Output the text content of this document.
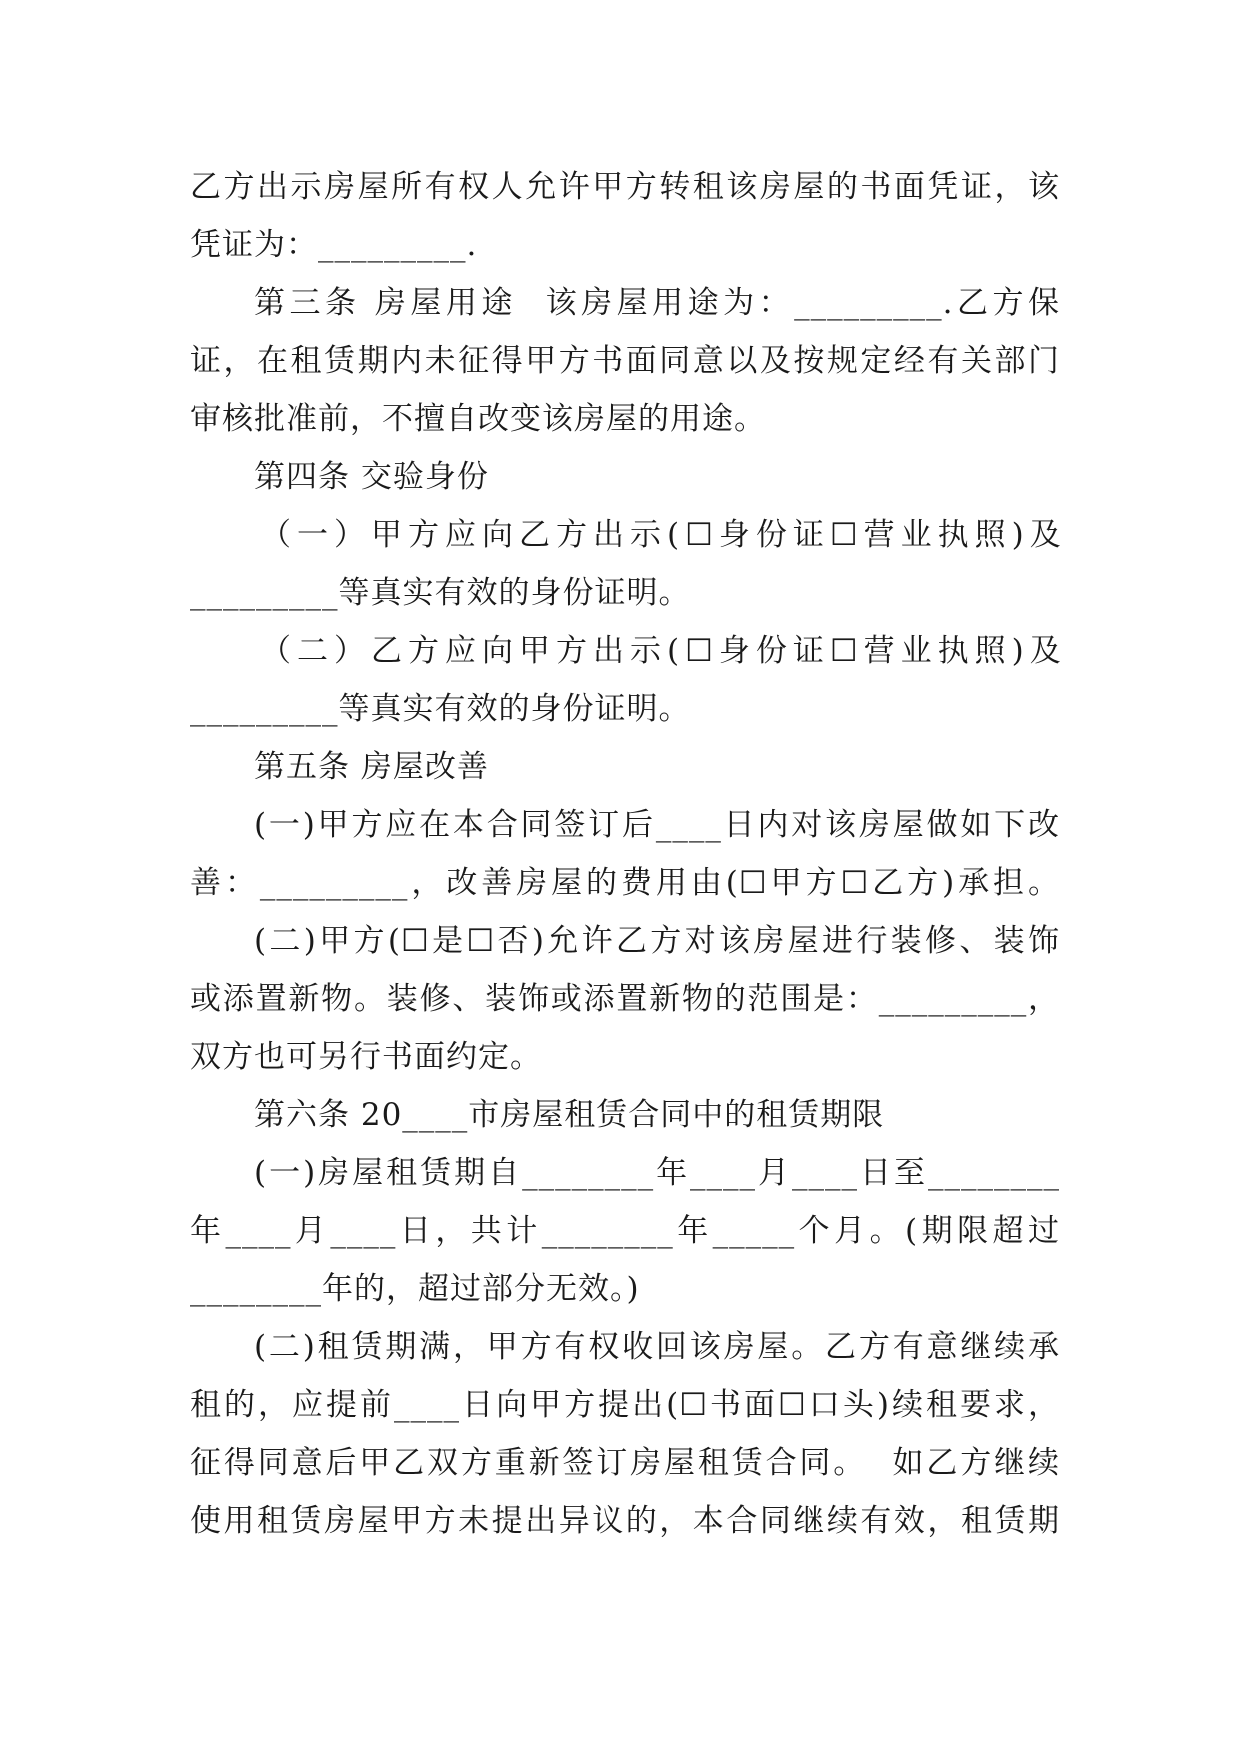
乙方出示房屋所有权人允许甲方转租该房屋的书面凭证，该
凭证为：_________.
第三条 房屋用途  该房屋用途为：_________.乙方保
证，在租赁期内未征得甲方书面同意以及按规定经有关部门
审核批准前，不擅自改变该房屋的用途。
第四条 交验身份
（一）甲方应向乙方出示(☐身份证☐营业执照)及
_________等真实有效的身份证明。
（二）乙方应向甲方出示(☐身份证☐营业执照)及
_________等真实有效的身份证明。
第五条 房屋改善
(一)甲方应在本合同签订后____日内对该房屋做如下改
善：_________，改善房屋的费用由(☐甲方☐乙方)承担。
(二)甲方(☐是☐否)允许乙方对该房屋进行装修、装饰
或添置新物。装修、装饰或添置新物的范围是：_________，
双方也可另行书面约定。
第六条 20____市房屋租赁合同中的租赁期限
(一)房屋租赁期自________年____月____日至________
年____月____日，共计________年_____个月。(期限超过
________年的，超过部分无效。)
(二)租赁期满，甲方有权收回该房屋。乙方有意继续承
租的，应提前____日向甲方提出(☐书面☐口头)续租要求，
征得同意后甲乙双方重新签订房屋租赁合同。  如乙方继续
使用租赁房屋甲方未提出异议的，本合同继续有效，租赁期
